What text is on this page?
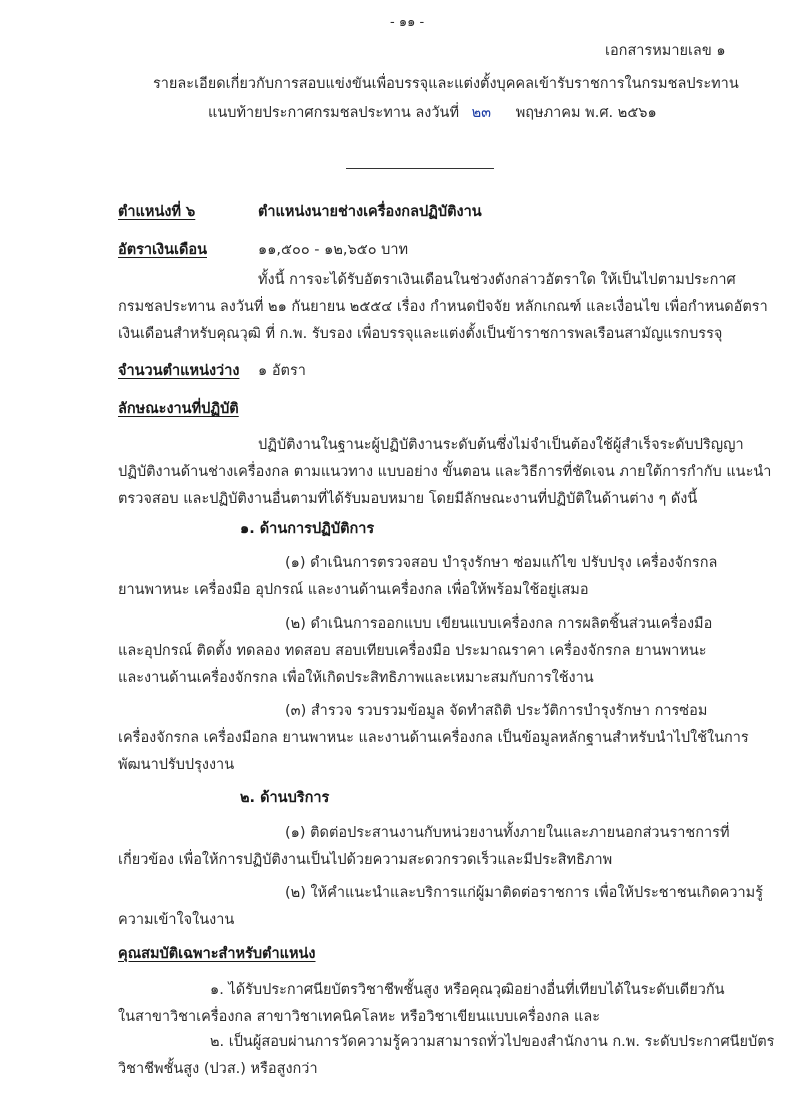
- ๑๑ -
เอกสารหมายเลข ๑
รายละเอียดเกี่ยวกับการสอบแข่งขันเพื่อบรรจุและแต่งตั้งบุคคลเข้ารับราชการในกรมชลประทาน
แนบท้ายประกาศกรมชลประทาน ลงวันที่ ๒๓ พฤษภาคม พ.ศ. ๒๕๖๑
ตำแหน่งที่ ๖	ตำแหน่งนายช่างเครื่องกลปฏิบัติงาน
อัตราเงินเดือน	๑๑,๕๐๐ - ๑๒,๖๕๐ บาท
ทั้งนี้ การจะได้รับอัตราเงินเดือนในช่วงดังกล่าวอัตราใด ให้เป็นไปตามประกาศ
กรมชลประทาน ลงวันที่ ๒๑ กันยายน ๒๕๕๔ เรื่อง กำหนดปัจจัย หลักเกณฑ์ และเงื่อนไข เพื่อกำหนดอัตรา
เงินเดือนสำหรับคุณวุฒิ ที่ ก.พ. รับรอง เพื่อบรรจุและแต่งตั้งเป็นข้าราชการพลเรือนสามัญแรกบรรจุ
จำนวนตำแหน่งว่าง ๑ อัตรา
ลักษณะงานที่ปฏิบัติ
ปฏิบัติงานในฐานะผู้ปฏิบัติงานระดับต้นซึ่งไม่จำเป็นต้องใช้ผู้สำเร็จระดับปริญญา
ปฏิบัติงานด้านช่างเครื่องกล ตามแนวทาง แบบอย่าง ขั้นตอน และวิธีการที่ชัดเจน ภายใต้การกำกับ แนะนำ
ตรวจสอบ และปฏิบัติงานอื่นตามที่ได้รับมอบหมาย โดยมีลักษณะงานที่ปฏิบัติในด้านต่าง ๆ ดังนี้
๑. ด้านการปฏิบัติการ
(๑) ดำเนินการตรวจสอบ บำรุงรักษา ซ่อมแก้ไข ปรับปรุง เครื่องจักรกล
ยานพาหนะ เครื่องมือ อุปกรณ์ และงานด้านเครื่องกล เพื่อให้พร้อมใช้อยู่เสมอ
(๒) ดำเนินการออกแบบ เขียนแบบเครื่องกล การผลิตชิ้นส่วนเครื่องมือ
และอุปกรณ์ ติดตั้ง ทดลอง ทดสอบ สอบเทียบเครื่องมือ ประมาณราคา เครื่องจักรกล ยานพาหนะ
และงานด้านเครื่องจักรกล เพื่อให้เกิดประสิทธิภาพและเหมาะสมกับการใช้งาน
(๓) สำรวจ รวบรวมข้อมูล จัดทำสถิติ ประวัติการบำรุงรักษา การซ่อม
เครื่องจักรกล เครื่องมือกล ยานพาหนะ และงานด้านเครื่องกล เป็นข้อมูลหลักฐานสำหรับนำไปใช้ในการ
พัฒนาปรับปรุงงาน
๒. ด้านบริการ
(๑) ติดต่อประสานงานกับหน่วยงานทั้งภายในและภายนอกส่วนราชการที่
เกี่ยวข้อง เพื่อให้การปฏิบัติงานเป็นไปด้วยความสะดวกรวดเร็วและมีประสิทธิภาพ
(๒) ให้คำแนะนำและบริการแก่ผู้มาติดต่อราชการ เพื่อให้ประชาชนเกิดความรู้
ความเข้าใจในงาน
คุณสมบัติเฉพาะสำหรับตำแหน่ง
๑. ได้รับประกาศนียบัตรวิชาชีพชั้นสูง หรือคุณวุฒิอย่างอื่นที่เทียบได้ในระดับเดียวกัน
ในสาขาวิชาเครื่องกล สาขาวิชาเทคนิคโลหะ หรือวิชาเขียนแบบเครื่องกล และ
๒. เป็นผู้สอบผ่านการวัดความรู้ความสามารถทั่วไปของสำนักงาน ก.พ. ระดับประกาศนียบัตร
วิชาชีพชั้นสูง (ปวส.) หรือสูงกว่า
